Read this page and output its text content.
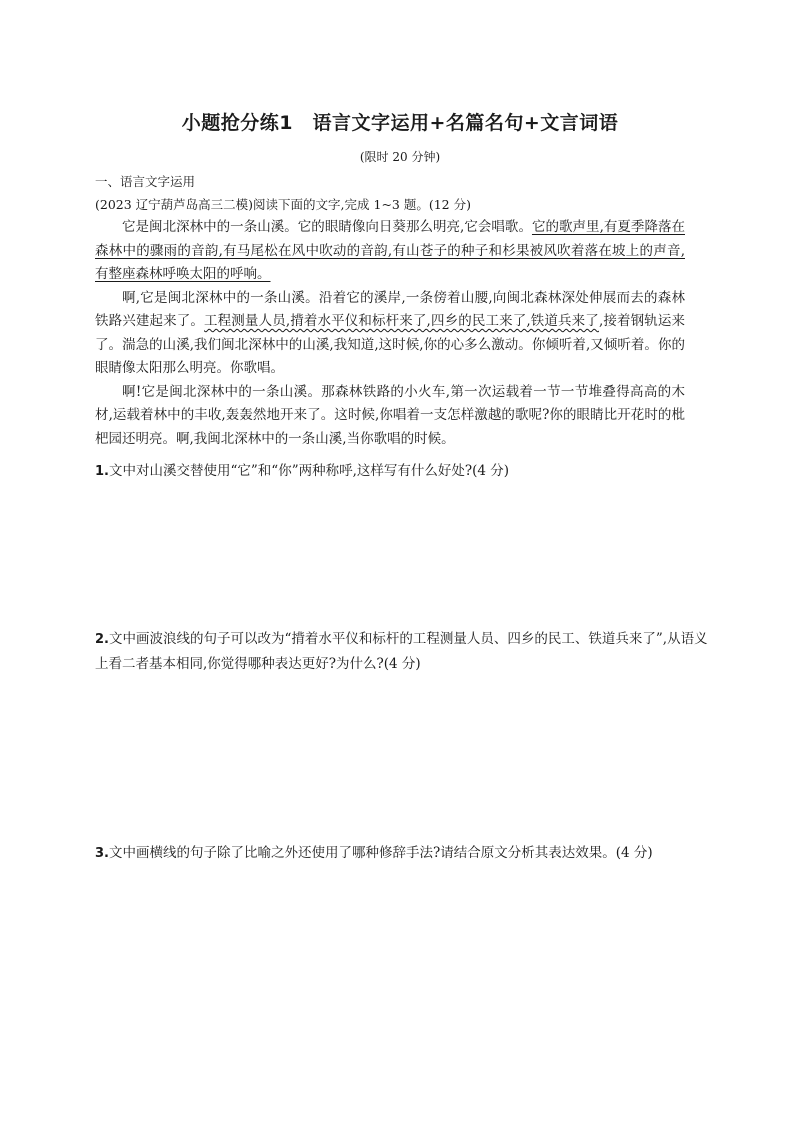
小题抢分练1　语言文字运用+名篇名句+文言词语
(限时 20 分钟)
一、语言文字运用
(2023 辽宁葫芦岛高三二模)阅读下面的文字,完成 1~3 题。(12 分)

它是闽北深林中的一条山溪。它的眼睛像向日葵那么明亮,它会唱歌。它的歌声里,有夏季降落在森林中的骤雨的音韵,有马尾松在风中吹动的音韵,有山苍子的种子和杉果被风吹着落在坡上的声音,有整座森林呼唤太阳的呼响。

啊,它是闽北深林中的一条山溪。沿着它的溪岸,一条傍着山腰,向闽北森林深处伸展而去的森林铁路兴建起来了。工程测量人员,揹着水平仪和标杆来了,四乡的民工来了,铁道兵来了,接着钢轨运来了。湍急的山溪,我们闽北深林中的山溪,我知道,这时候,你的心多么激动。你倾听着,又倾听着。你的眼睛像太阳那么明亮。你歌唱。

啊!它是闽北深林中的一条山溪。那森林铁路的小火车,第一次运载着一节一节堆叠得高高的木材,运载着林中的丰收,轰轰然地开来了。这时候,你唱着一支怎样激越的歌呢?你的眼睛比开花时的枇杷园还明亮。啊,我闽北深林中的一条山溪,当你歌唱的时候。

1.文中对山溪交替使用“它”和“你”两种称呼,这样写有什么好处?(4 分)
2.文中画波浪线的句子可以改为“揹着水平仪和标杆的工程测量人员、四乡的民工、铁道兵来了”,从语义上看二者基本相同,你觉得哪种表达更好?为什么?(4 分)
3.文中画横线的句子除了比喻之外还使用了哪种修辞手法?请结合原文分析其表达效果。(4 分)
